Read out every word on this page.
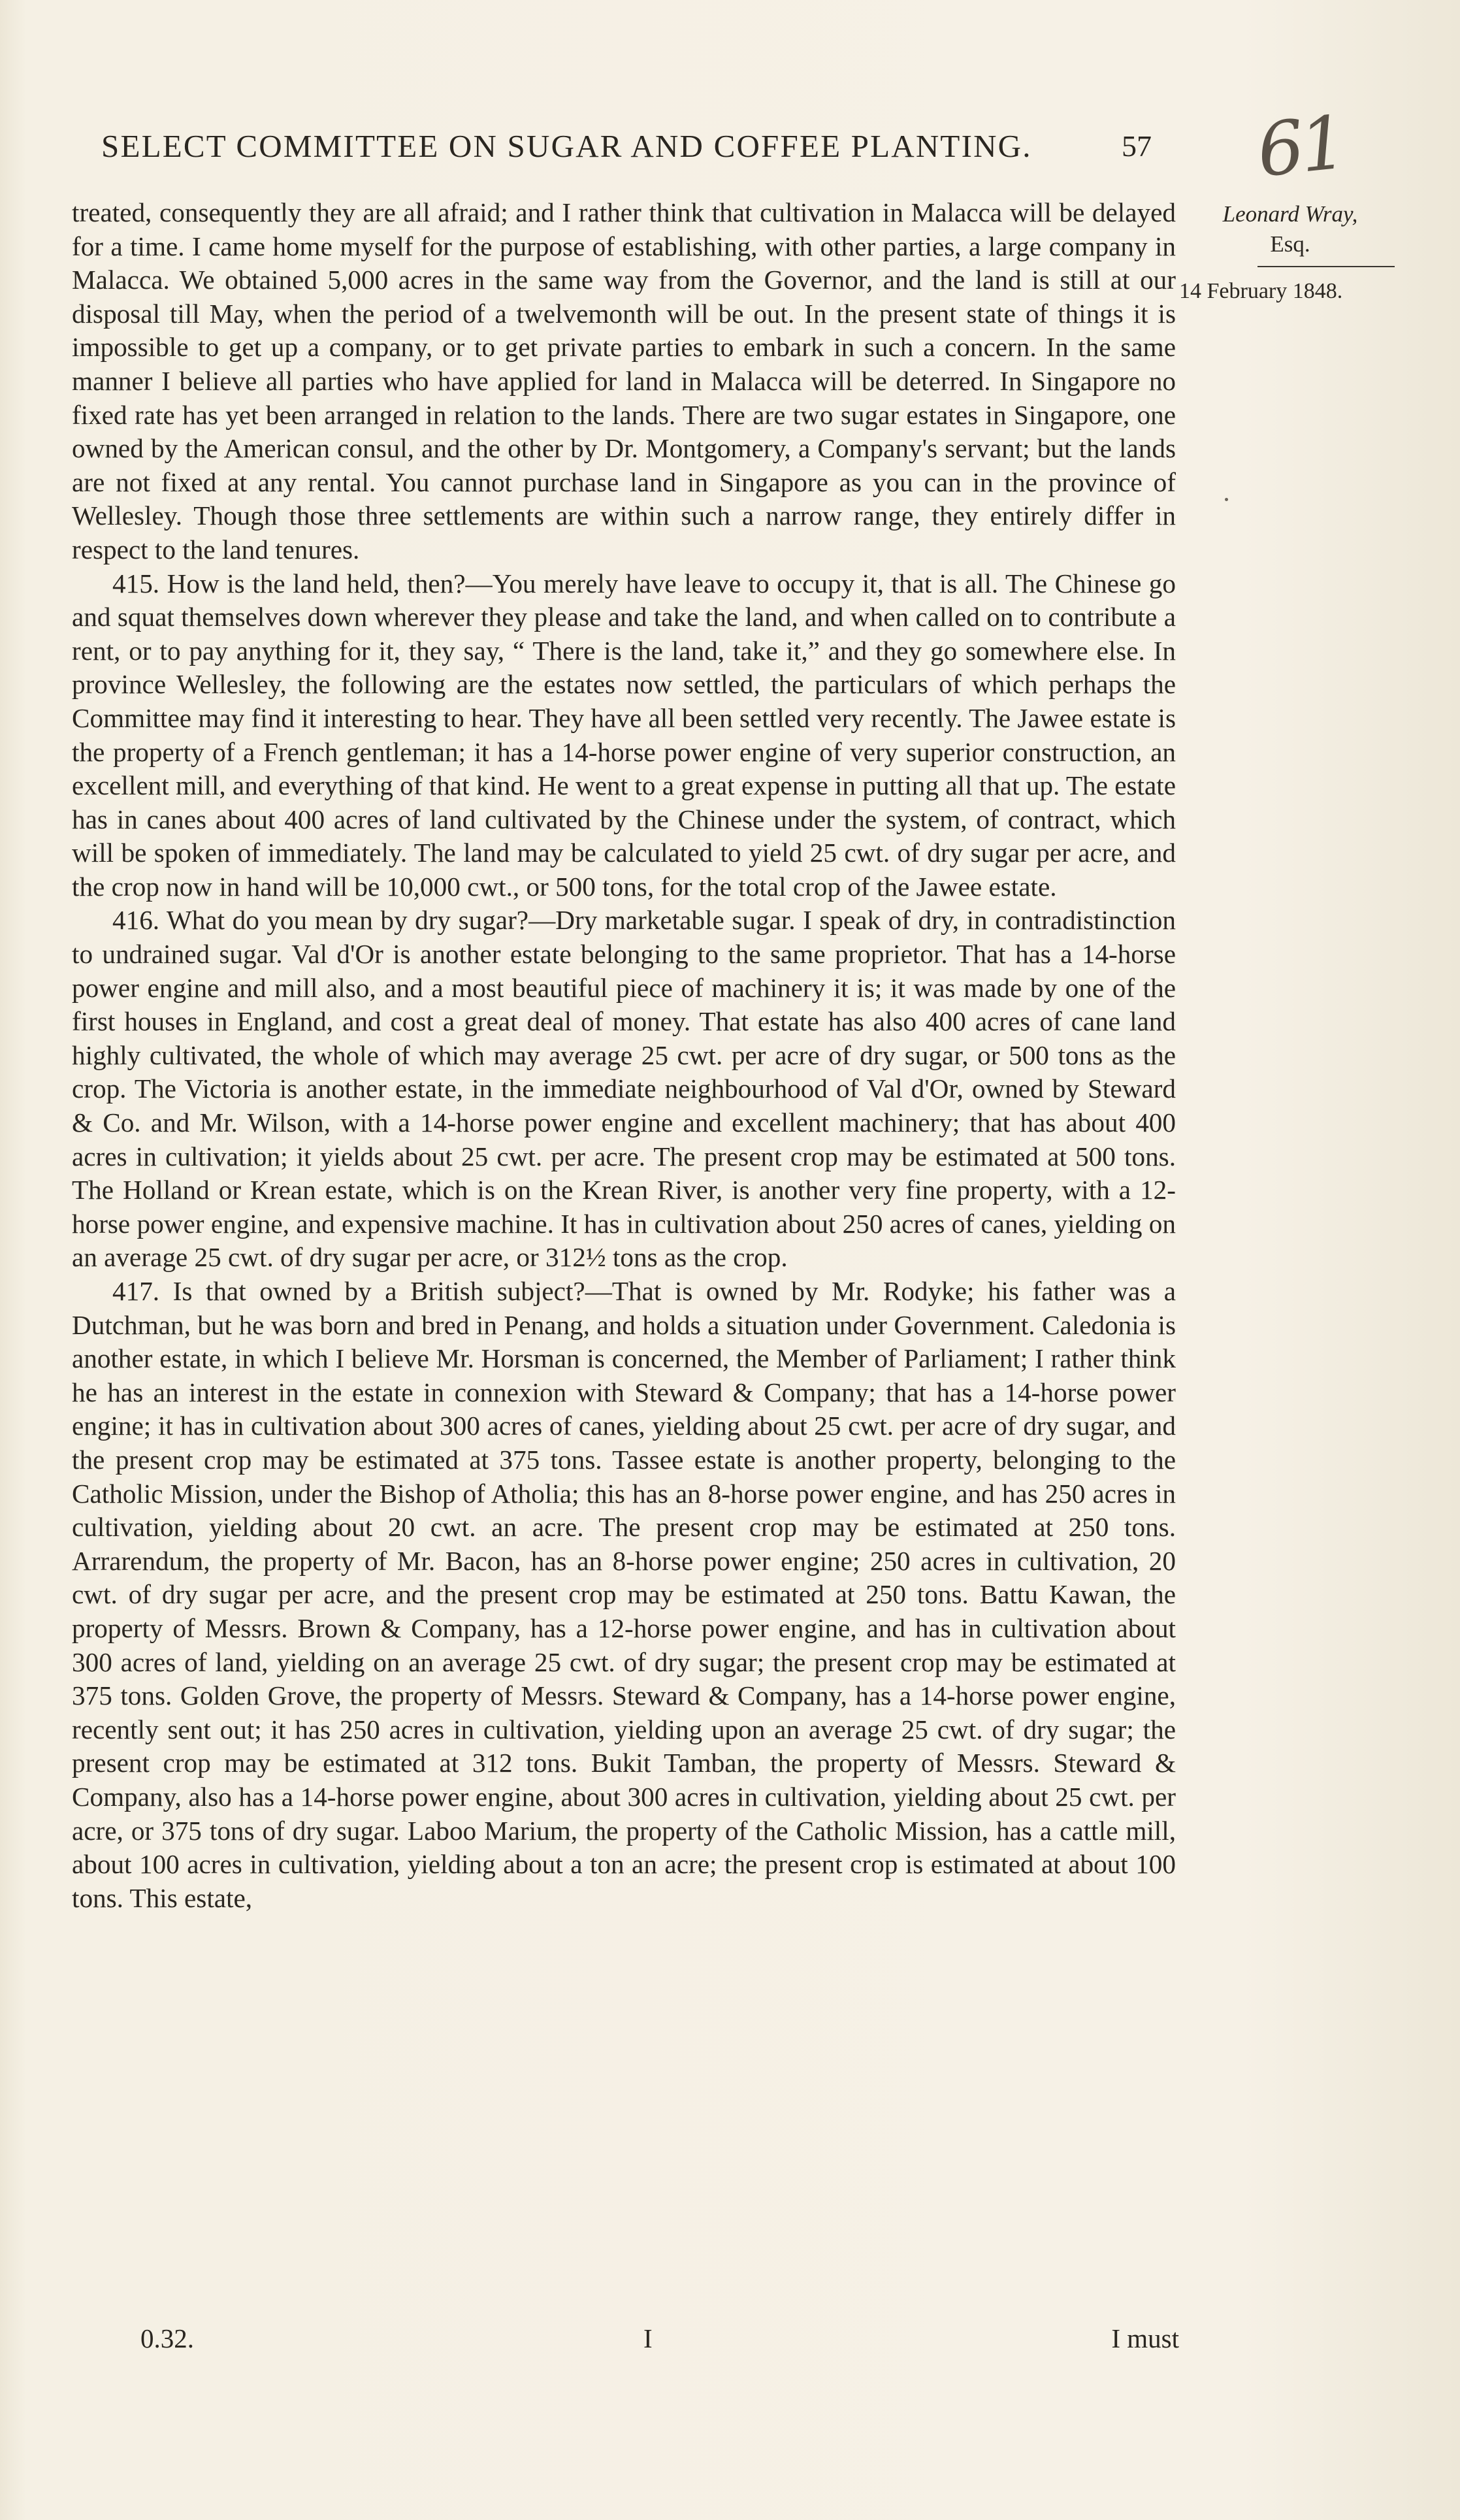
SELECT COMMITTEE ON SUGAR AND COFFEE PLANTING.	57 61
Leonard Wray,
Esq.
14 February 1848.

treated, consequently they are all afraid; and I rather think that cultivation in Malacca will be delayed for a time. I came home myself for the purpose of establishing, with other parties, a large company in Malacca. We obtained 5,000 acres in the same way from the Governor, and the land is still at our disposal till May, when the period of a twelvemonth will be out. In the present state of things it is impossible to get up a company, or to get private parties to embark in such a concern. In the same manner I believe all parties who have applied for land in Malacca will be deterred. In Singapore no fixed rate has yet been arranged in relation to the lands. There are two sugar estates in Singapore, one owned by the American consul, and the other by Dr. Montgomery, a Company's servant; but the lands are not fixed at any rental. You cannot purchase land in Singapore as you can in the province of Wellesley. Though those three settlements are within such a narrow range, they entirely differ in respect to the land tenures.

415. How is the land held, then?—You merely have leave to occupy it, that is all. The Chinese go and squat themselves down wherever they please and take the land, and when called on to contribute a rent, or to pay anything for it, they say, “ There is the land, take it,” and they go somewhere else. In province Wellesley, the following are the estates now settled, the particulars of which perhaps the Committee may find it interesting to hear. They have all been settled very recently. The Jawee estate is the property of a French gentleman; it has a 14-horse power engine of very superior construction, an excellent mill, and everything of that kind. He went to a great expense in putting all that up. The estate has in canes about 400 acres of land cultivated by the Chinese under the system, of contract, which will be spoken of immediately. The land may be calculated to yield 25 cwt. of dry sugar per acre, and the crop now in hand will be 10,000 cwt., or 500 tons, for the total crop of the Jawee estate.

416. What do you mean by dry sugar?—Dry marketable sugar. I speak of dry, in contradistinction to undrained sugar. Val d'Or is another estate belonging to the same proprietor. That has a 14-horse power engine and mill also, and a most beautiful piece of machinery it is; it was made by one of the first houses in England, and cost a great deal of money. That estate has also 400 acres of cane land highly cultivated, the whole of which may average 25 cwt. per acre of dry sugar, or 500 tons as the crop. The Victoria is another estate, in the immediate neighbourhood of Val d'Or, owned by Steward & Co. and Mr. Wilson, with a 14-horse power engine and excellent machinery; that has about 400 acres in cultivation; it yields about 25 cwt. per acre. The present crop may be estimated at 500 tons. The Holland or Krean estate, which is on the Krean River, is another very fine property, with a 12-horse power engine, and expensive machine. It has in cultivation about 250 acres of canes, yielding on an average 25 cwt. of dry sugar per acre, or 312½ tons as the crop.

417. Is that owned by a British subject?—That is owned by Mr. Rodyke; his father was a Dutchman, but he was born and bred in Penang, and holds a situation under Government. Caledonia is another estate, in which I believe Mr. Horsman is concerned, the Member of Parliament; I rather think he has an interest in the estate in connexion with Steward & Company; that has a 14-horse power engine; it has in cultivation about 300 acres of canes, yielding about 25 cwt. per acre of dry sugar, and the present crop may be estimated at 375 tons. Tassee estate is another property, belonging to the Catholic Mission, under the Bishop of Atholia; this has an 8-horse power engine, and has 250 acres in cultivation, yielding about 20 cwt. an acre. The present crop may be estimated at 250 tons. Arrarendum, the property of Mr. Bacon, has an 8-horse power engine; 250 acres in cultivation, 20 cwt. of dry sugar per acre, and the present crop may be estimated at 250 tons. Battu Kawan, the property of Messrs. Brown & Company, has a 12-horse power engine, and has in cultivation about 300 acres of land, yielding on an average 25 cwt. of dry sugar; the present crop may be estimated at 375 tons. Golden Grove, the property of Messrs. Steward & Company, has a 14-horse power engine, recently sent out; it has 250 acres in cultivation, yielding upon an average 25 cwt. of dry sugar; the present crop may be estimated at 312 tons. Bukit Tamban, the property of Messrs. Steward & Company, also has a 14-horse power engine, about 300 acres in cultivation, yielding about 25 cwt. per acre, or 375 tons of dry sugar. Laboo Marium, the property of the Catholic Mission, has a cattle mill, about 100 acres in cultivation, yielding about a ton an acre; the present crop is estimated at about 100 tons. This estate,

0.32.	I	I must
